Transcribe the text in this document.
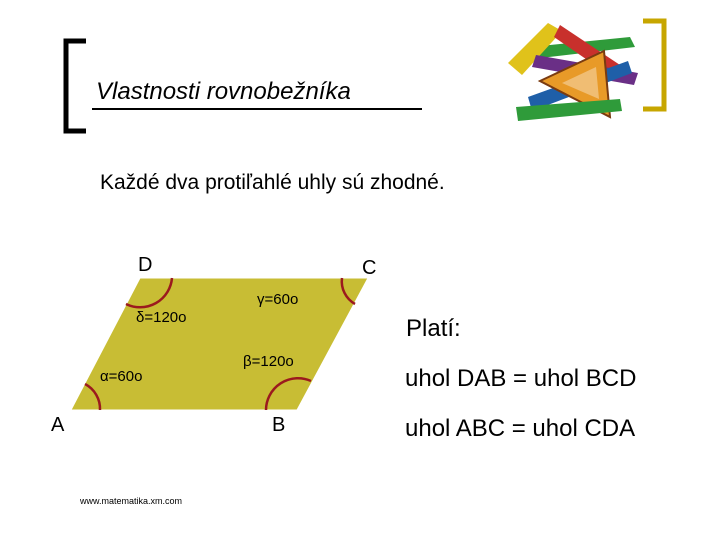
Vlastnosti rovnobežníka
Každé dva protiľahlé uhly sú zhodné.
D	C
A	B
γ=60o
δ=120o
β=120o
α=60o
Platí:
uhol DAB = uhol BCD
uhol ABC = uhol CDA
www.matematika.xm.com
